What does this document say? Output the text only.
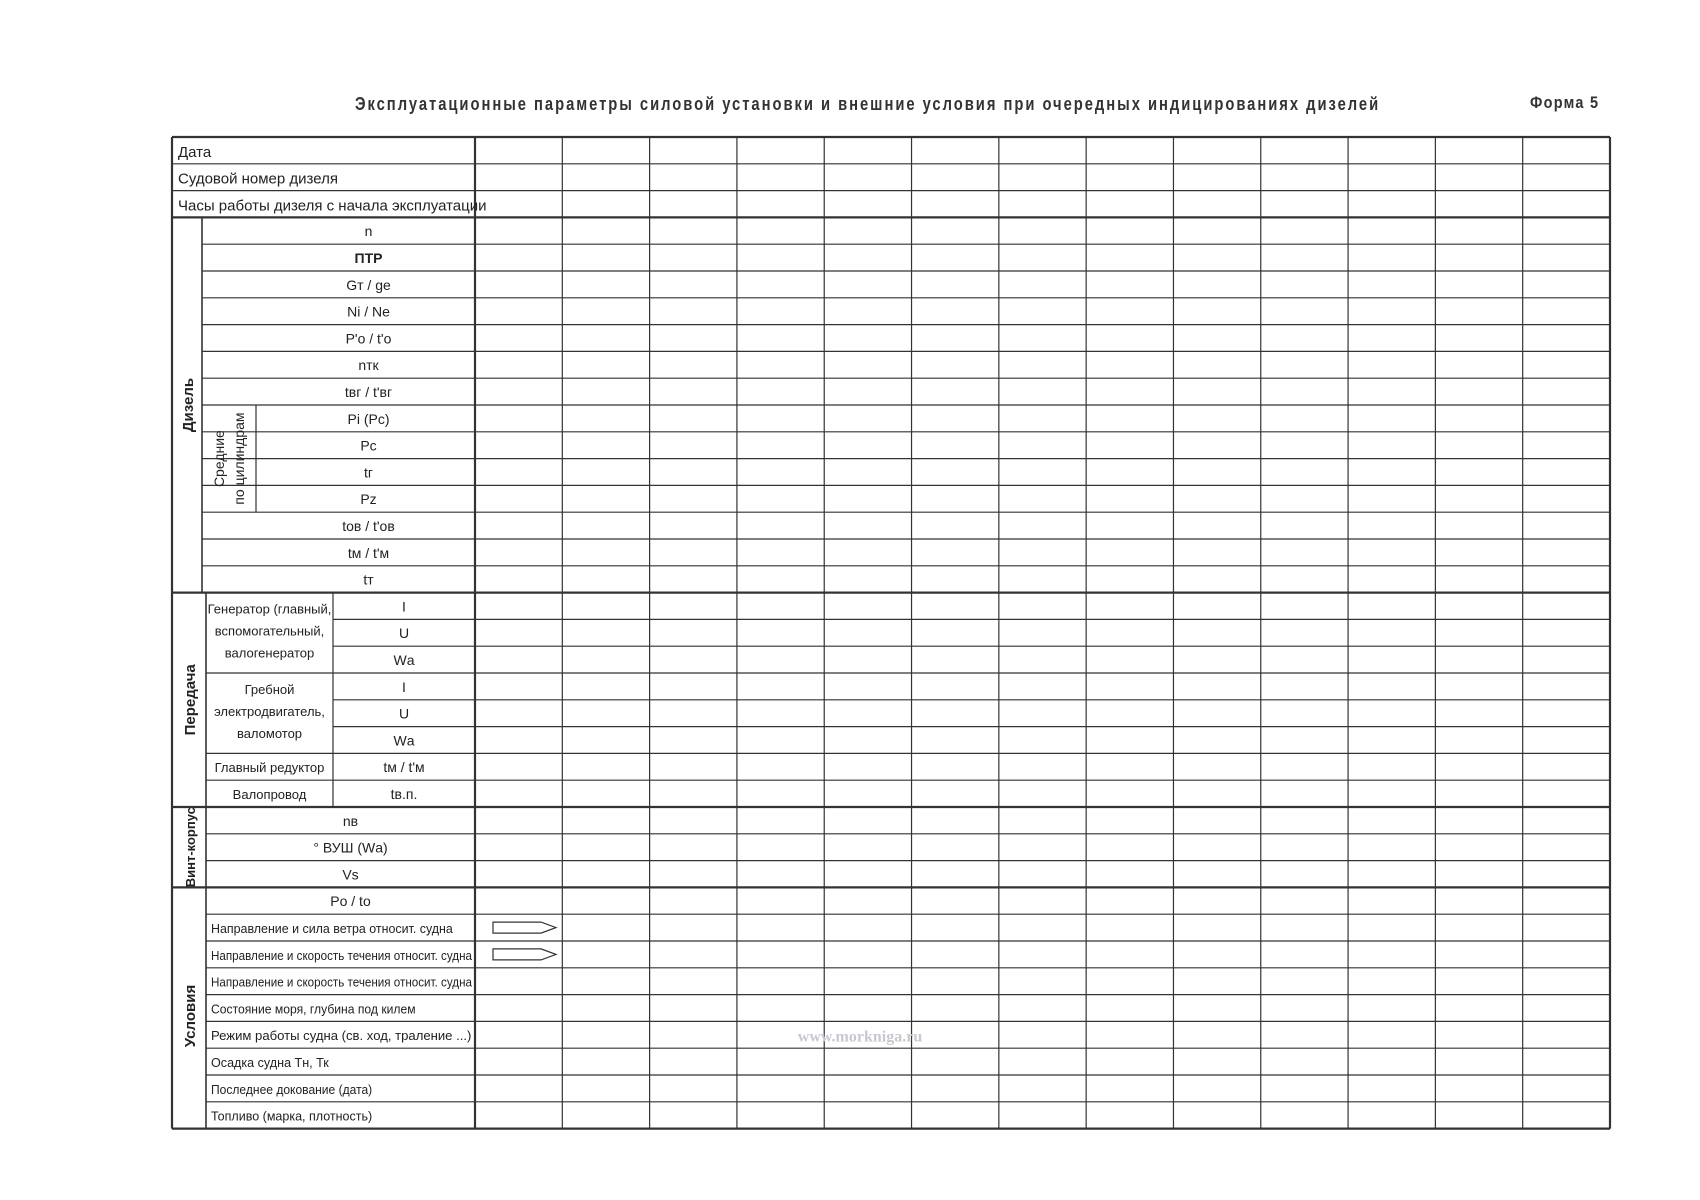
Эксплуатационные параметры силовой установки и внешние условия при очередных индицированиях дизелей	Форма 5
Дата
Судовой номер дизеля
Часы работы дизеля с начала эксплуатации
n
ПТР
Gт / gе
Ni / Ne
P'о / t'о
nтк
tвг / t'вг
Pi (Pс)
Pс
tг
Pz
tов / t'ов
tм / t'м
tт
Дизель
Средние по цилиндрам
Передача
Генератор (главный,
вспомогательный,
валогенератор
Гребной
электродвигатель,
валомотор
Главный редуктор
Валопровод
I
U
Wа
I
U
Wа
tм / t'м
tв.п.
Винт-корпус	nв
° ВУШ (Wа)
Vs
Условия
Pо / tо
Направление и сила ветра относит. судна
Направление и скорость течения относит. судна
Направление и скорость течения относит. судна
Состояние моря, глубина под килем
Режим работы судна (св. ход, траление ...)
Осадка судна Тн, Тк
Последнее докование (дата)
Топливо (марка, плотность)
www.morkniga.ru
